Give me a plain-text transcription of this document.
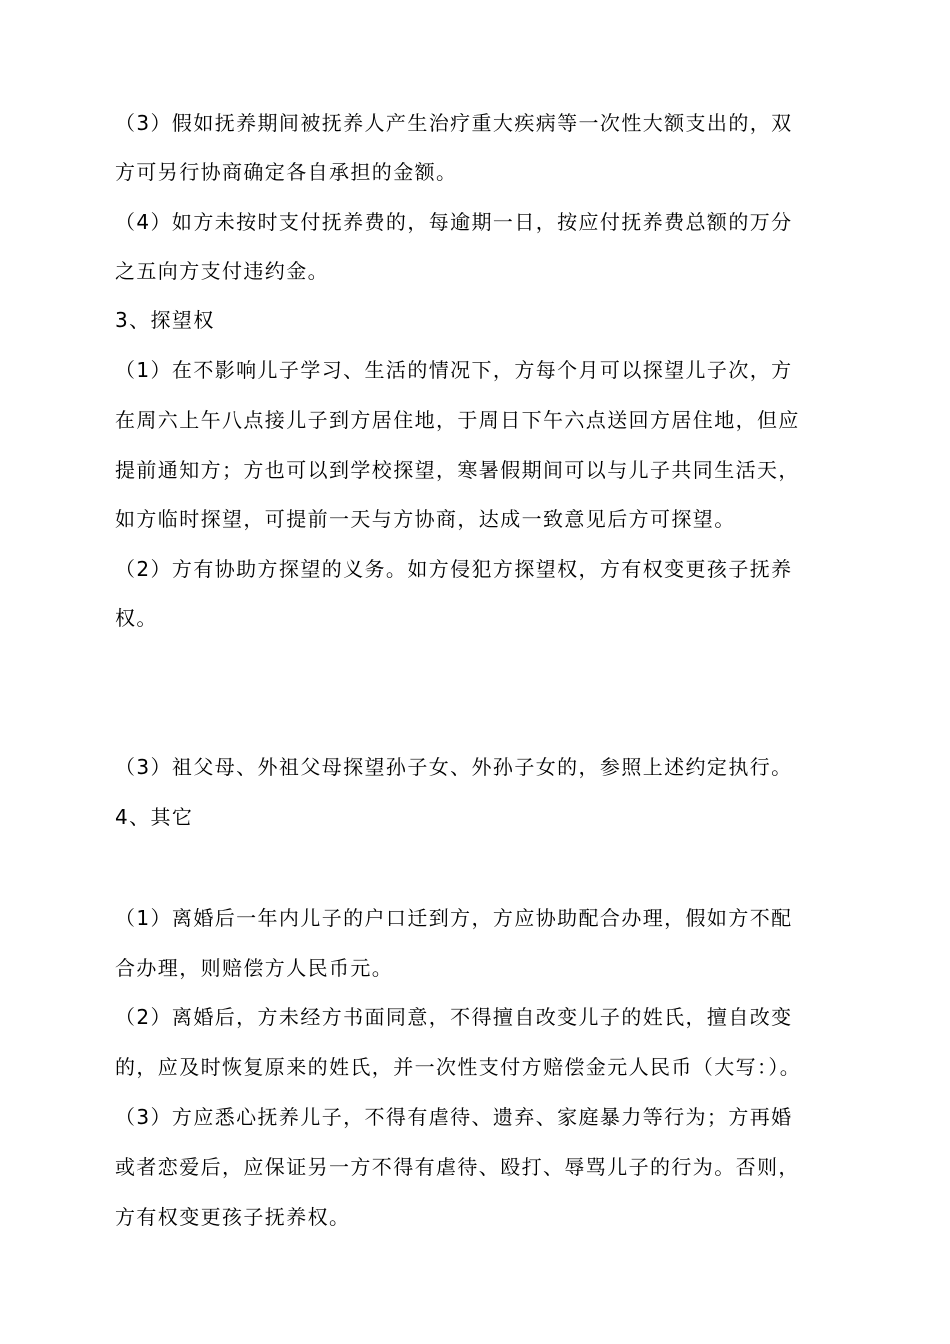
（3）假如抚养期间被抚养人产生治疗重大疾病等一次性大额支出的，双
方可另行协商确定各自承担的金额。
（4）如方未按时支付抚养费的，每逾期一日，按应付抚养费总额的万分
之五向方支付违约金。
3、探望权
（1）在不影响儿子学习、生活的情况下，方每个月可以探望儿子次，方
在周六上午八点接儿子到方居住地，于周日下午六点送回方居住地，但应
提前通知方；方也可以到学校探望，寒暑假期间可以与儿子共同生活天，
如方临时探望，可提前一天与方协商，达成一致意见后方可探望。
（2）方有协助方探望的义务。如方侵犯方探望权，方有权变更孩子抚养
权。
（3）祖父母、外祖父母探望孙子女、外孙子女的，参照上述约定执行。
4、其它
（1）离婚后一年内儿子的户口迁到方，方应协助配合办理，假如方不配
合办理，则赔偿方人民币元。
（2）离婚后，方未经方书面同意，不得擅自改变儿子的姓氏，擅自改变
的，应及时恢复原来的姓氏，并一次性支付方赔偿金元人民币（大写：）。
（3）方应悉心抚养儿子，不得有虐待、遗弃、家庭暴力等行为；方再婚
或者恋爱后，应保证另一方不得有虐待、殴打、辱骂儿子的行为。否则，
方有权变更孩子抚养权。
